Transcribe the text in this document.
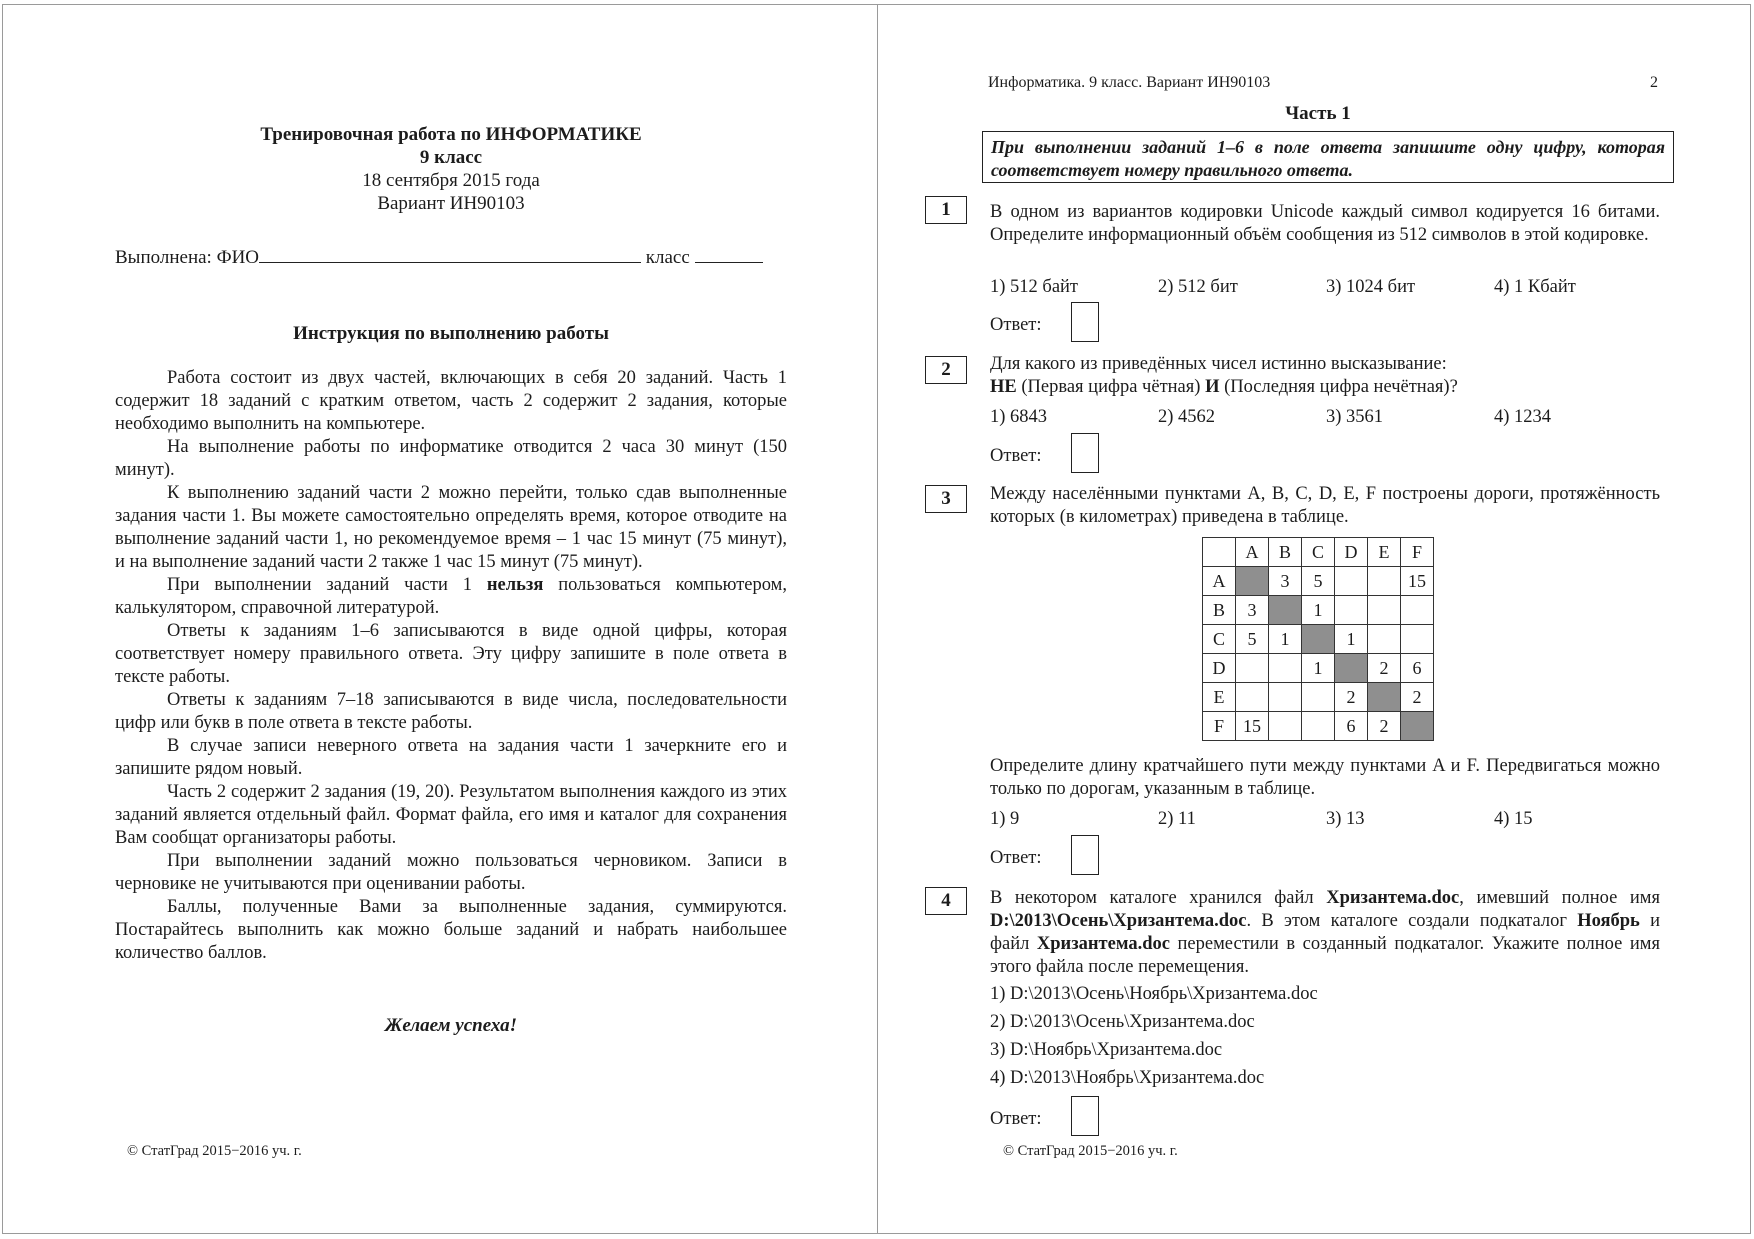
Тренировочная работа по ИНФОРМАТИКЕ
9 класс
18 сентября 2015 года
Вариант ИН90103
Выполнена: ФИО	класс
Инструкция по выполнению работы

Работа состоит из двух частей, включающих в себя 20 заданий. Часть 1 содержит 18 заданий с кратким ответом, часть 2 содержит 2 задания, которые необходимо выполнить на компьютере.

На выполнение работы по информатике отводится 2 часа 30 минут (150 минут).

К выполнению заданий части 2 можно перейти, только сдав выполненные задания части 1. Вы можете самостоятельно определять время, которое отводите на выполнение заданий части 1, но рекомендуемое время – 1 час 15 минут (75 минут), и на выполнение заданий части 2 также 1 час 15 минут (75 минут).

При выполнении заданий части 1 нельзя пользоваться компьютером, калькулятором, справочной литературой.

Ответы к заданиям 1–6 записываются в виде одной цифры, которая соответствует номеру правильного ответа. Эту цифру запишите в поле ответа в тексте работы.

Ответы к заданиям 7–18 записываются в виде числа, последовательности цифр или букв в поле ответа в тексте работы.

В случае записи неверного ответа на задания части 1 зачеркните его и запишите рядом новый.

Часть 2 содержит 2 задания (19, 20). Результатом выполнения каждого из этих заданий является отдельный файл. Формат файла, его имя и каталог для сохранения Вам сообщат организаторы работы.

При выполнении заданий можно пользоваться черновиком. Записи в черновике не учитываются при оценивании работы.

Баллы, полученные Вами за выполненные задания, суммируются. Постарайтесь выполнить как можно больше заданий и набрать наибольшее количество баллов.

Желаем успеха!
© СтатГрад 2015−2016 уч. г.
Информатика. 9 класс. Вариант ИН90103	2
Часть 1
При выполнении заданий 1–6 в поле ответа запишите одну цифру, которая соответствует номеру правильного ответа.
1	В одном из вариантов кодировки Unicode каждый символ кодируется 16 битами. Определите информационный объём сообщения из 512 символов в этой кодировке.
1) 512 байт	2) 512 бит	3) 1024 бит	4) 1 Кбайт
Ответ:
2	Для какого из приведённых чисел истинно высказывание:
НЕ (Первая цифра чётная) И (Последняя цифра нечётная)?
1) 6843	2) 4562	3) 3561	4) 1234
Ответ:
3	Между населёнными пунктами A, B, C, D, E, F построены дороги, протяжённость которых (в километрах) приведена в таблице.
	A	B	C	D	E	F
A		3	5			15
B	3		1			
C	5	1		1		
D			1		2	6
E				2		2
F	15			6	2	
Определите длину кратчайшего пути между пунктами A и F. Передвигаться можно только по дорогам, указанным в таблице.
1) 9	2) 11	3) 13	4) 15
Ответ:
4	В некотором каталоге хранился файл Хризантема.doc, имевший полное имя D:\2013\Осень\Хризантема.doc. В этом каталоге создали подкаталог Ноябрь и файл Хризантема.doc переместили в созданный подкаталог. Укажите полное имя этого файла после перемещения.
1) D:\2013\Осень\Ноябрь\Хризантема.doc
2) D:\2013\Осень\Хризантема.doc
3) D:\Ноябрь\Хризантема.doc
4) D:\2013\Ноябрь\Хризантема.doc
Ответ:
© СтатГрад 2015−2016 уч. г.
